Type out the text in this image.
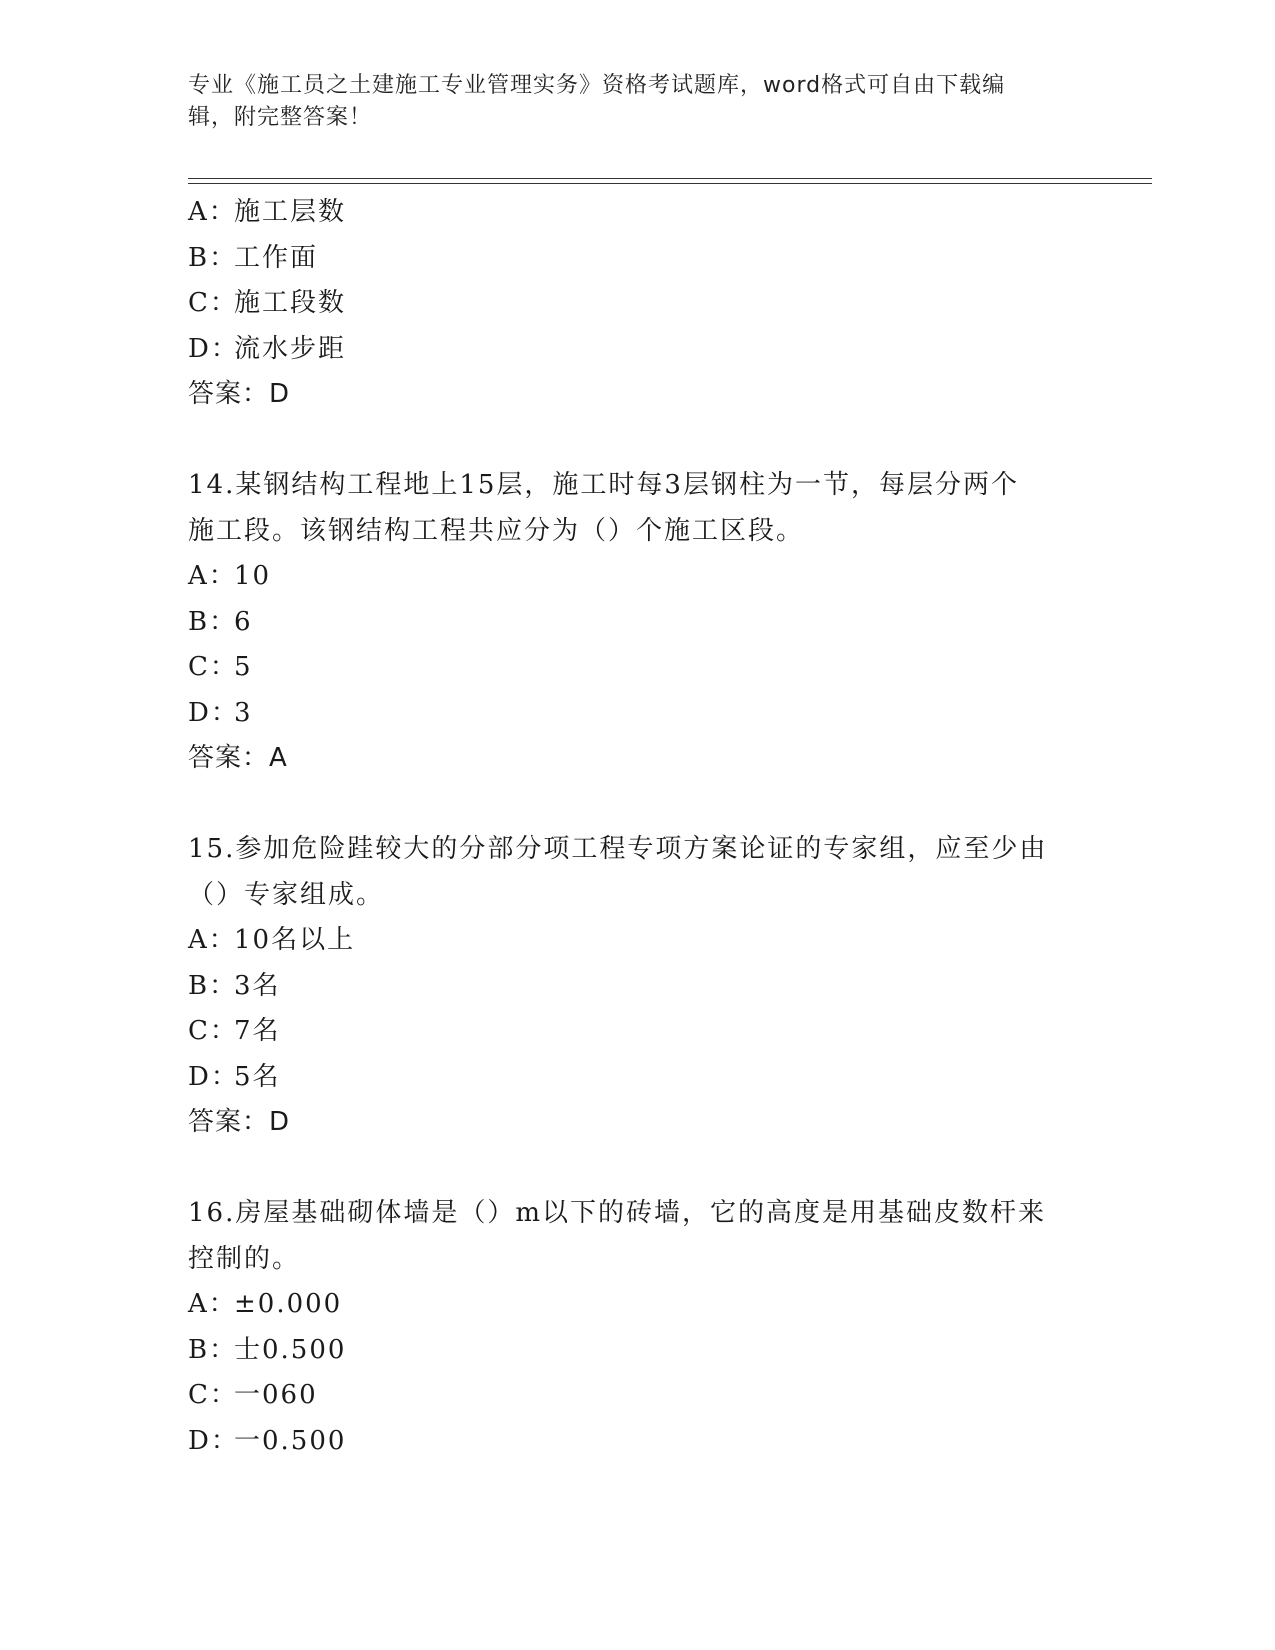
专业《施工员之土建施工专业管理实务》资格考试题库，word格式可自由下载编
辑，附完整答案！
A：施工层数
B：工作面
C：施工段数
D：流水步距
答案：D
14.某钢结构工程地上15层，施工时每3层钢柱为一节，每层分两个
施工段。该钢结构工程共应分为（）个施工区段。
A：10
B：6
C：5
D：3
答案：A
15.参加危险跬较大的分部分项工程专项方案论证的专家组，应至少由
（）专家组成。
A：10名以上
B：3名
C：7名
D：5名
答案：D
16.房屋基础砌体墙是（）m以下的砖墙，它的高度是用基础皮数杆来
控制的。
A：±0.000
B：士0.500
C：一060
D：一0.500
